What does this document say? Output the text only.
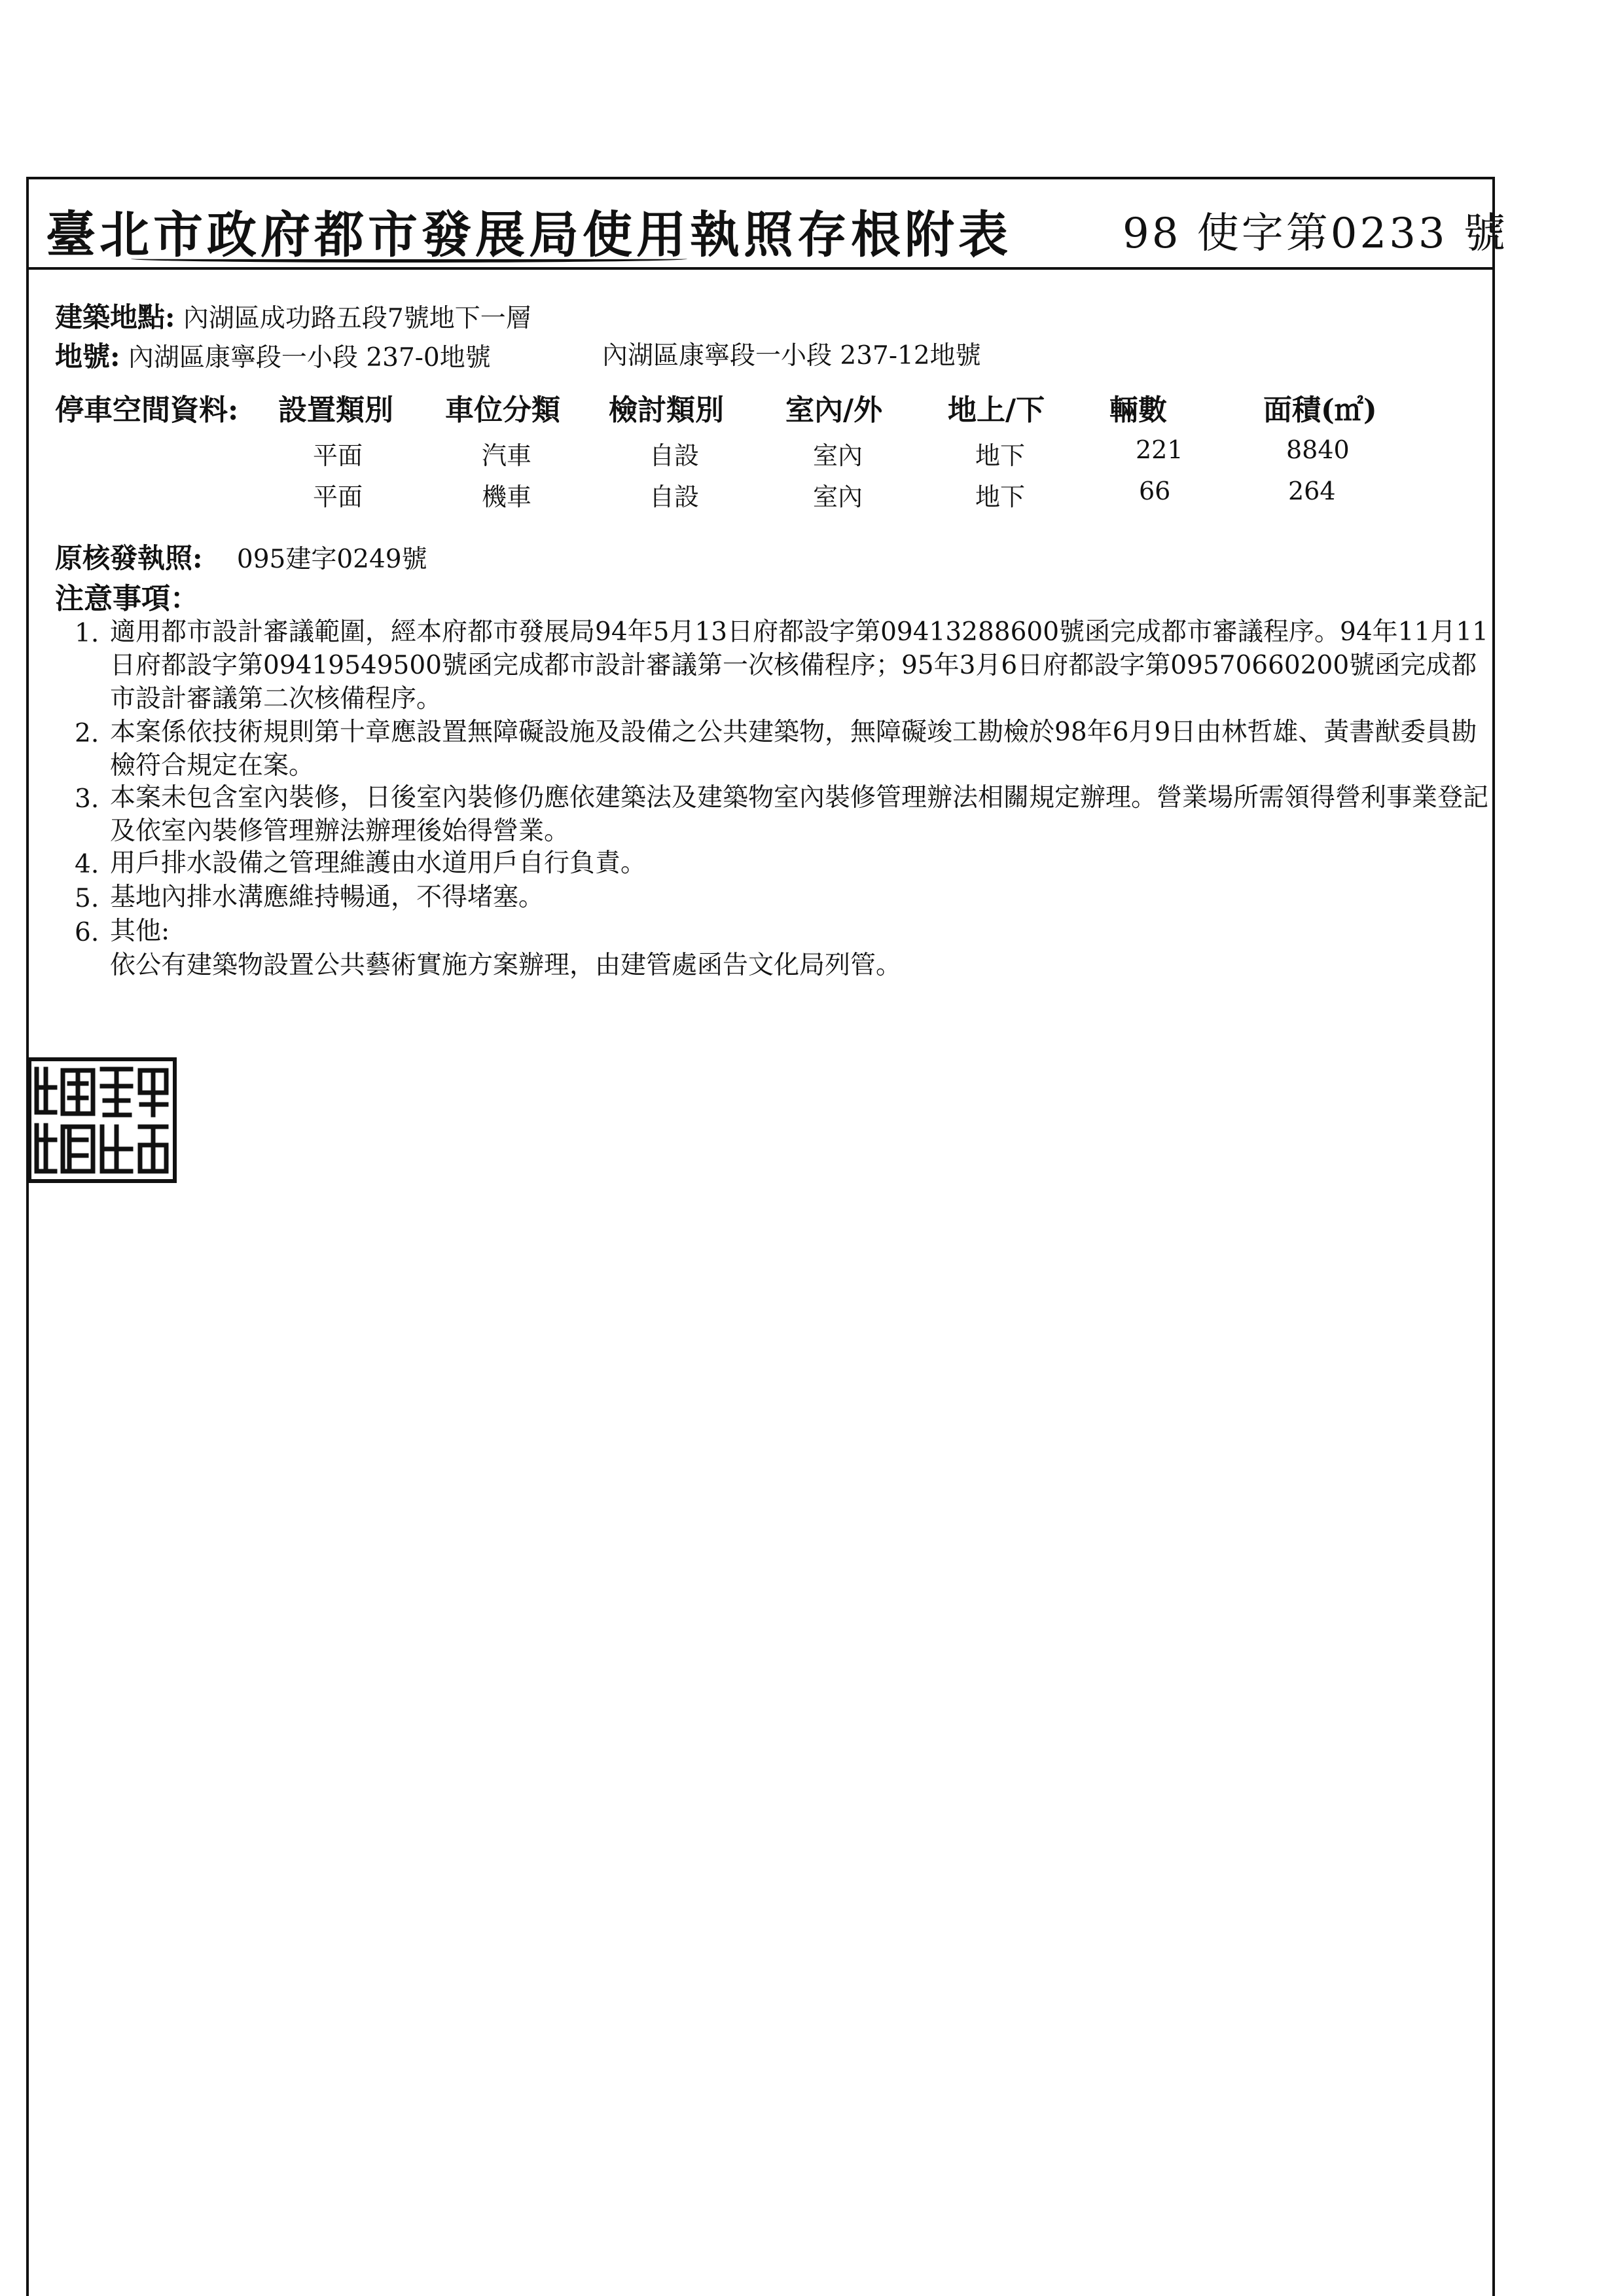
臺北市政府都市發展局使用執照存根附表	98 使字第0233 號
建築地點: 內湖區成功路五段7號地下一層
地號: 內湖區康寧段一小段 237-0地號	內湖區康寧段一小段 237-12地號
停車空間資料: 設置類別 車位分類 檢討類別 室內/外 地上/下 輛數	面積(㎡)
平面	汽車	自設	室內	地下	221	8840
平面	機車	自設	室內	地下	66	264
原核發執照: 095建字0249號
注意事項：
1. 適用都市設計審議範圍，經本府都市發展局94年5月13日府都設字第09413288600號函完成都市審議程序。94年11月11日府都設字第09419549500號函完成都市設計審議第一次核備程序；95年3月6日府都設字第09570660200號函完成都市設計審議第二次核備程序。
2. 本案係依技術規則第十章應設置無障礙設施及設備之公共建築物，無障礙竣工勘檢於98年6月9日由林哲雄、黃書猷委員勘檢符合規定在案。
3. 本案未包含室內裝修，日後室內裝修仍應依建築法及建築物室內裝修管理辦法相關規定辦理。營業場所需領得營利事業登記及依室內裝修管理辦法辦理後始得營業。
4. 用戶排水設備之管理維護由水道用戶自行負責。
5. 基地內排水溝應維持暢通，不得堵塞。
6. 其他:
依公有建築物設置公共藝術實施方案辦理，由建管處函告文化局列管。
